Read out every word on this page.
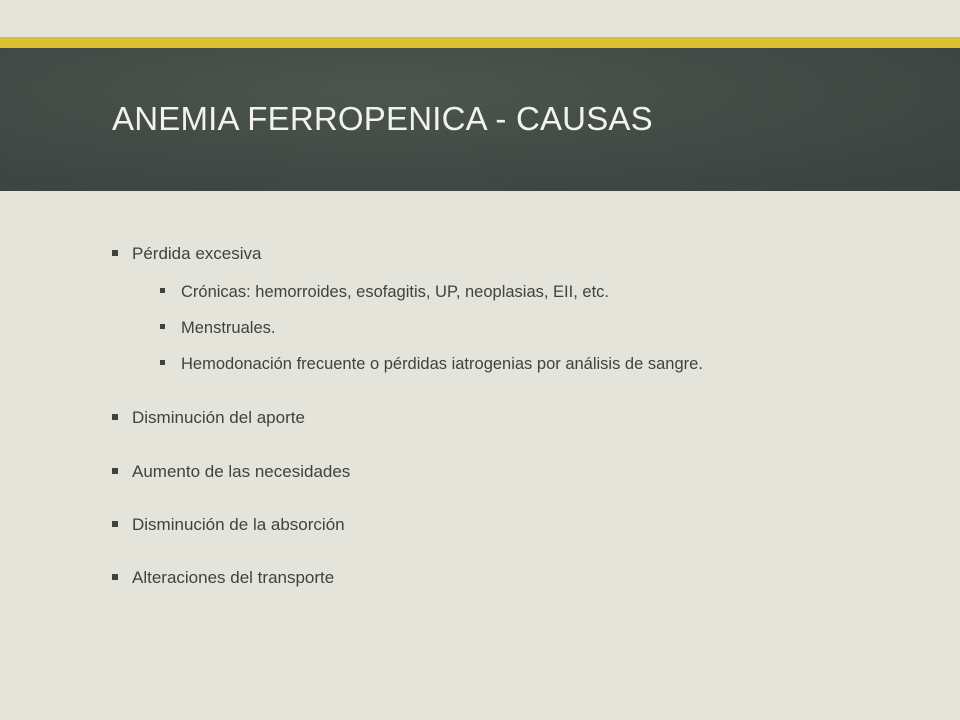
ANEMIA FERROPENICA - CAUSAS
Pérdida excesiva
Crónicas: hemorroides, esofagitis, UP, neoplasias, EII, etc.
Menstruales.
Hemodonación frecuente o pérdidas iatrogenias por análisis de sangre.
Disminución del aporte
Aumento de las necesidades
Disminución de la absorción
Alteraciones del transporte
